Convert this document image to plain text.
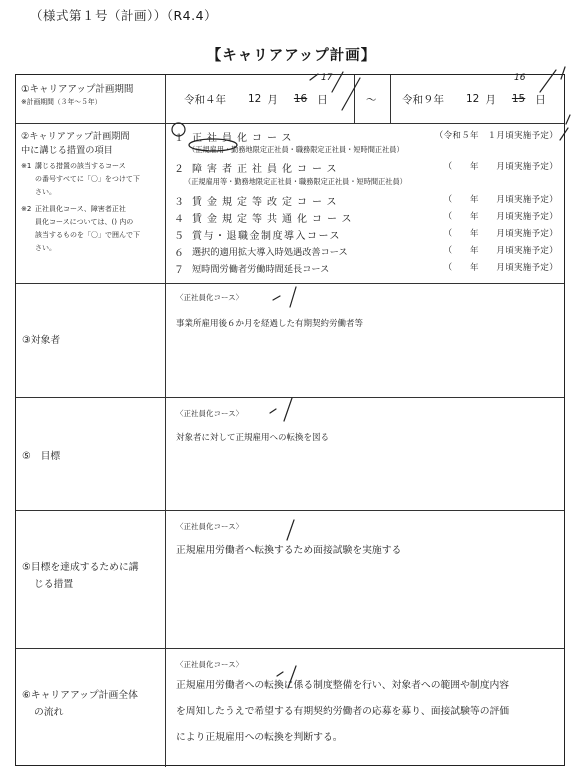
（様式第１号（計画））（R4.4）
【キャリアアップ計画】
①キャリアアップ計画期間
※計画期間（３年〜５年）	令和４年 12 月 16 日
17
〜	令和９年 12 月 15 日
16
②キャリアアップ計画期間
中に講じる措置の項目
※1 講じる措置の該当するコース
の番号すべてに「〇」をつけて下
さい。
※2 正社員化コース、障害者正社
員化コースについては、() 内の
該当するものを「〇」で囲んで下
さい。
１ 正社員化コース	（令和５年　１月頃実施予定）
（正規雇用・勤務地限定正社員・職務限定正社員・短時間正社員）
２ 障害者正社員化コース	（　　年　　月頃実施予定）
（正規雇用等・勤務地限定正社員・職務限定正社員・短時間正社員）
３ 賃金規定等改定コース	（　　年　　月頃実施予定）
４ 賃金規定等共通化コース	（　　年　　月頃実施予定）
５ 賞与・退職金制度導入コース	（　　年　　月頃実施予定）
６ 選択的適用拡大導入時処遇改善コース	（　　年　　月頃実施予定）
７ 短時間労働者労働時間延長コース	（　　年　　月頃実施予定）
③対象者
〈正社員化コース〉
事業所雇用後６か月を経過した有期契約労働者等
⑤　目標
〈正社員化コース〉
対象者に対して正規雇用への転換を図る
⑤目標を達成するために講
じる措置
〈正社員化コース〉
正規雇用労働者へ転換するため面接試験を実施する
⑥キャリアアップ計画全体
の流れ
〈正社員化コース〉
正規雇用労働者への転換に係る制度整備を行い、対象者への範囲や制度内容
を周知したうえで希望する有期契約労働者の応募を募り、面接試験等の評価
により正規雇用への転換を判断する。
